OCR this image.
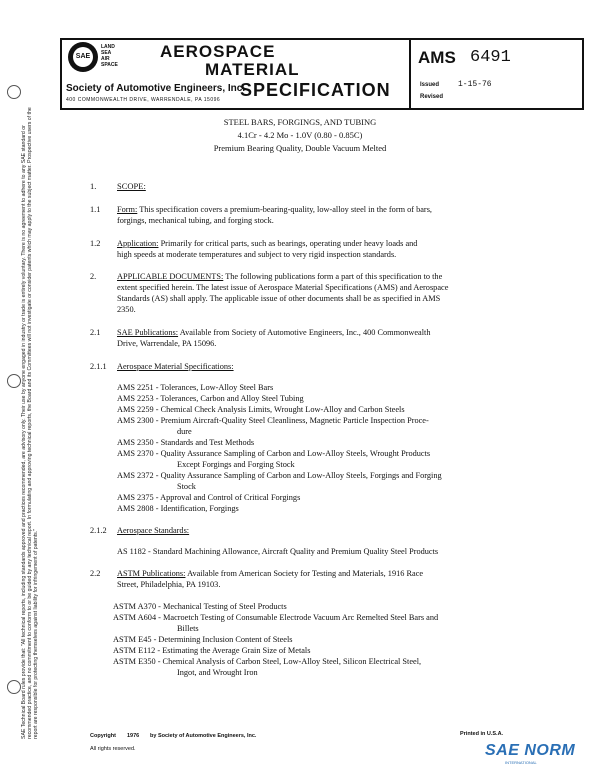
SAE Technical Board rules provide that: "All technical reports, including standards approved and practices recommended, are advisory only. Their use by anyone engaged in industry or trade is entirely voluntary. There is no agreement to adhere to any SAE standard or recommended practice, and no commitment to conform to or be guided by any technical report. In formulating and approving technical reports, the Board and its Committees will not investigate or consider patents which may apply to the subject matter. Prospective users of the report are responsible for protecting themselves against liability for infringement of patents."
SAE
LAND
SEA
AIR
SPACE
AEROSPACE
MATERIAL
SPECIFICATION
Society of Automotive Engineers, Inc.
400 COMMONWEALTH DRIVE, WARRENDALE, PA 15096
AMS 6491
Issued 1-15-76
Revised
STEEL BARS, FORGINGS, AND TUBING
4.1Cr - 4.2 Mo - 1.0V (0.80 - 0.85C)
Premium Bearing Quality, Double Vacuum Melted
1. SCOPE:
1.1 Form: This specification covers a premium-bearing-quality, low-alloy steel in the form of bars,
forgings, mechanical tubing, and forging stock.
1.2 Application: Primarily for critical parts, such as bearings, operating under heavy loads and
high speeds at moderate temperatures and subject to very rigid inspection standards.
2.	APPLICABLE DOCUMENTS: The following publications form a part of this specification to the
extent specified herein. The latest issue of Aerospace Material Specifications (AMS) and Aerospace
Standards (AS) shall apply. The applicable issue of other documents shall be as specified in AMS
2350.
2.1 SAE Publications: Available from Society of Automotive Engineers, Inc., 400 Commonwealth
Drive, Warrendale, PA 15096.
2.1.1 Aerospace Material Specifications:
AMS 2251 - Tolerances, Low-Alloy Steel Bars
AMS 2253 - Tolerances, Carbon and Alloy Steel Tubing
AMS 2259 - Chemical Check Analysis Limits, Wrought Low-Alloy and Carbon Steels
AMS 2300 - Premium Aircraft-Quality Steel Cleanliness, Magnetic Particle Inspection Proce-
dure
AMS 2350 - Standards and Test Methods
AMS 2370 - Quality Assurance Sampling of Carbon and Low-Alloy Steels, Wrought Products
Except Forgings and Forging Stock
AMS 2372 - Quality Assurance Sampling of Carbon and Low-Alloy Steels, Forgings and Forging
Stock
AMS 2375 - Approval and Control of Critical Forgings
AMS 2808 - Identification, Forgings
2.1.2 Aerospace Standards:
AS 1182 - Standard Machining Allowance, Aircraft Quality and Premium Quality Steel Products
2.2 ASTM Publications: Available from American Society for Testing and Materials, 1916 Race
Street, Philadelphia, PA 19103.
ASTM A370 - Mechanical Testing of Steel Products
ASTM A604 - Macroetch Testing of Consumable Electrode Vacuum Arc Remelted Steel Bars and
Billets
ASTM E45 - Determining Inclusion Content of Steels
ASTM E112 - Estimating the Average Grain Size of Metals
ASTM E350 - Chemical Analysis of Carbon Steel, Low-Alloy Steel, Silicon Electrical Steel,
Ingot, and Wrought Iron
Copyright 1976 by Society of Automotive Engineers, Inc.	Printed in U.S.A.
All rights reserved.	SAE NORM
INTERNATIONAL
